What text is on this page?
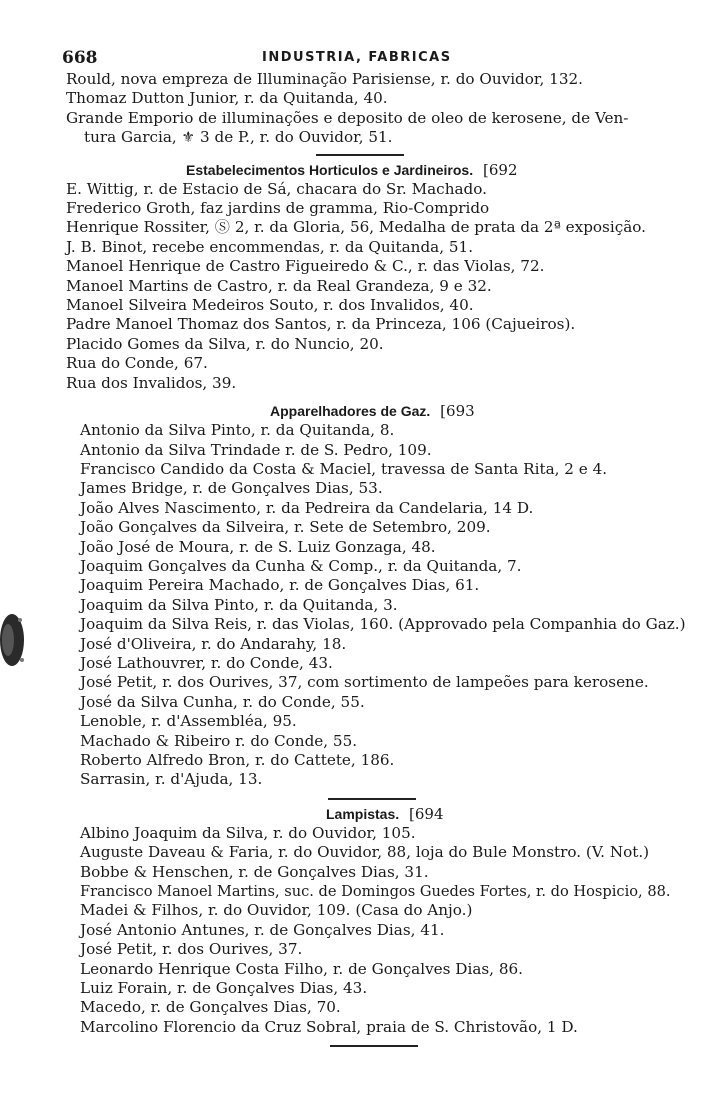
668	INDUSTRIA, FABRICAS
Rould, nova empreza de Illuminação Parisiense, r. do Ouvidor, 132.
Thomaz Dutton Junior, r. da Quitanda, 40.
Grande Emporio de illuminações e deposito de oleo de kerosene, de Ven-
tura Garcia, ⚜ 3 de P., r. do Ouvidor, 51.
Estabelecimentos Horticulos e Jardineiros. [692
E. Wittig, r. de Estacio de Sá, chacara do Sr. Machado.
Frederico Groth, faz jardins de gramma, Rio-Comprido
Henrique Rossiter, Ⓢ 2, r. da Gloria, 56, Medalha de prata da 2ª exposição.
J. B. Binot, recebe encommendas, r. da Quitanda, 51.
Manoel Henrique de Castro Figueiredo & C., r. das Violas, 72.
Manoel Martins de Castro, r. da Real Grandeza, 9 e 32.
Manoel Silveira Medeiros Souto, r. dos Invalidos, 40.
Padre Manoel Thomaz dos Santos, r. da Princeza, 106 (Cajueiros).
Placido Gomes da Silva, r. do Nuncio, 20.
Rua do Conde, 67.
Rua dos Invalidos, 39.
Apparelhadores de Gaz. [693
Antonio da Silva Pinto, r. da Quitanda, 8.
Antonio da Silva Trindade r. de S. Pedro, 109.
Francisco Candido da Costa & Maciel, travessa de Santa Rita, 2 e 4.
James Bridge, r. de Gonçalves Dias, 53.
João Alves Nascimento, r. da Pedreira da Candelaria, 14 D.
João Gonçalves da Silveira, r. Sete de Setembro, 209.
João José de Moura, r. de S. Luiz Gonzaga, 48.
Joaquim Gonçalves da Cunha & Comp., r. da Quitanda, 7.
Joaquim Pereira Machado, r. de Gonçalves Dias, 61.
Joaquim da Silva Pinto, r. da Quitanda, 3.
Joaquim da Silva Reis, r. das Violas, 160. (Approvado pela Companhia do Gaz.)
José d'Oliveira, r. do Andarahy, 18.
José Lathouvrer, r. do Conde, 43.
José Petit, r. dos Ourives, 37, com sortimento de lampeões para kerosene.
José da Silva Cunha, r. do Conde, 55.
Lenoble, r. d'Assembléa, 95.
Machado & Ribeiro r. do Conde, 55.
Roberto Alfredo Bron, r. do Cattete, 186.
Sarrasin, r. d'Ajuda, 13.
Lampistas. [694
Albino Joaquim da Silva, r. do Ouvidor, 105.
Auguste Daveau & Faria, r. do Ouvidor, 88, loja do Bule Monstro. (V. Not.)
Bobbe & Henschen, r. de Gonçalves Dias, 31.
Francisco Manoel Martins, suc. de Domingos Guedes Fortes, r. do Hospicio, 88.
Madei & Filhos, r. do Ouvidor, 109. (Casa do Anjo.)
José Antonio Antunes, r. de Gonçalves Dias, 41.
José Petit, r. dos Ourives, 37.
Leonardo Henrique Costa Filho, r. de Gonçalves Dias, 86.
Luiz Forain, r. de Gonçalves Dias, 43.
Macedo, r. de Gonçalves Dias, 70.
Marcolino Florencio da Cruz Sobral, praia de S. Christovão, 1 D.
